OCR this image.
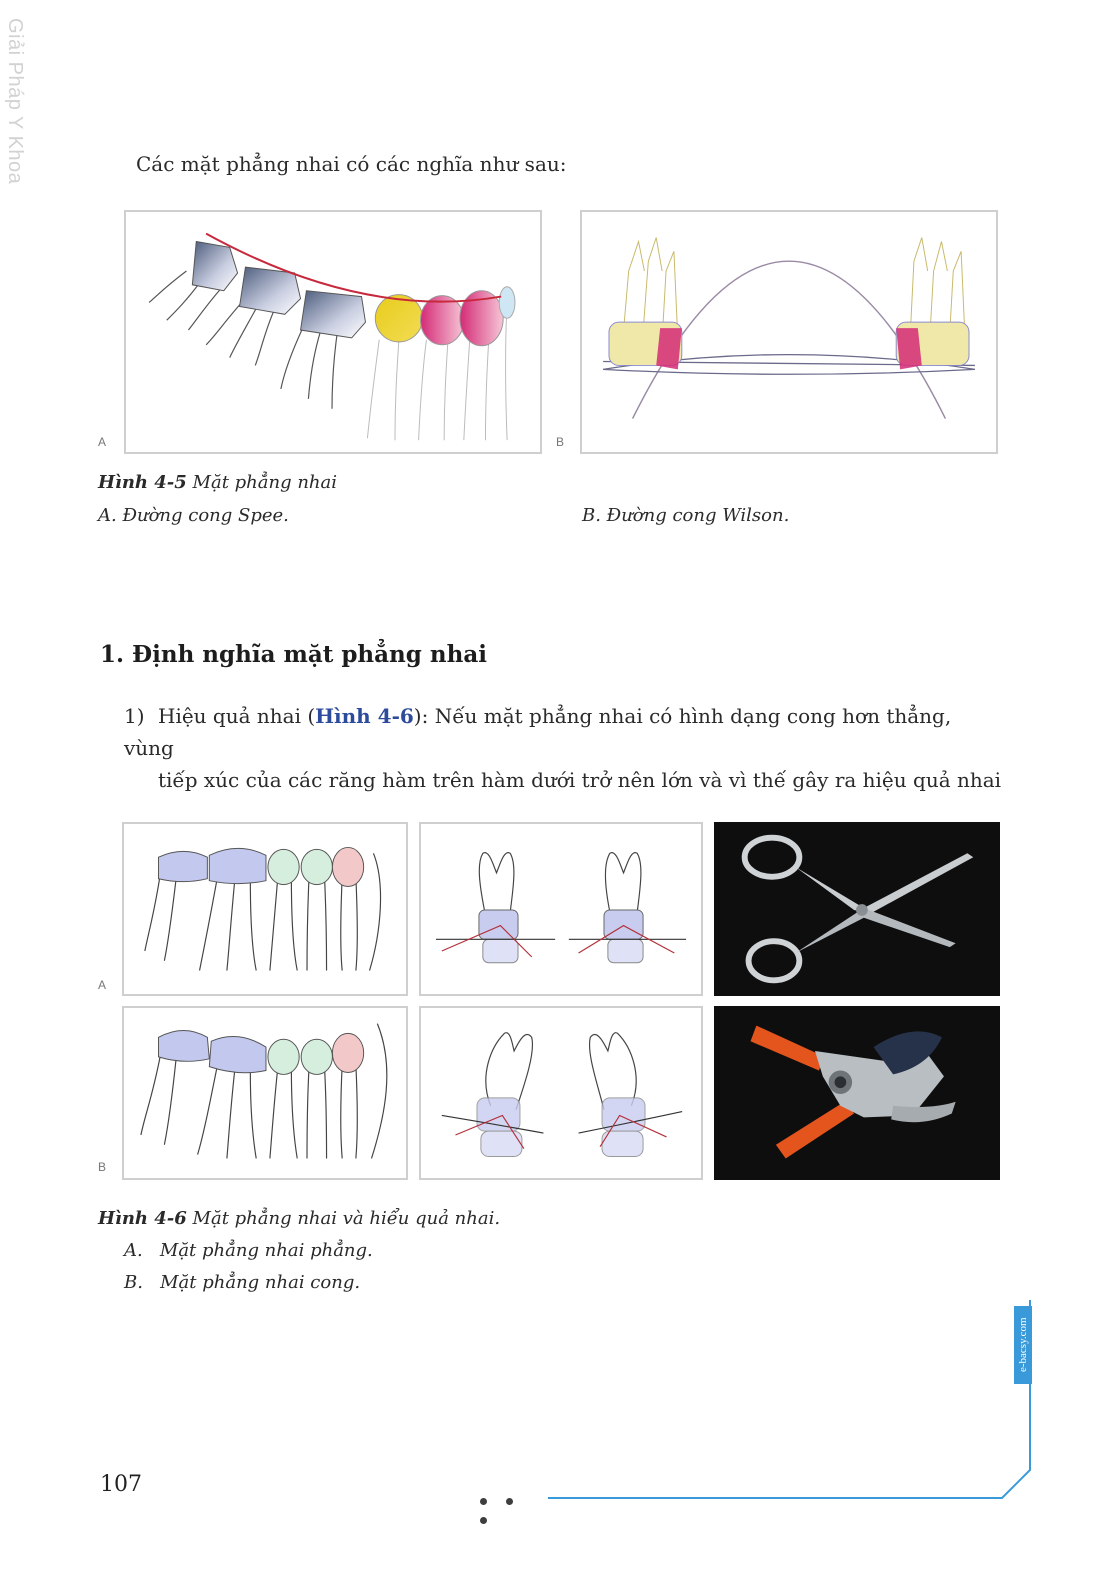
Giải Pháp Y Khoa	Các mặt phẳng nhai có các nghĩa như sau:
A	B
Hình 4-5 Mặt phẳng nhai
A. Đường cong Spee.	B. Đường cong Wilson.
1. Định nghĩa mặt phẳng nhai
1) Hiệu quả nhai (Hình 4-6): Nếu mặt phẳng nhai có hình dạng cong hơn thẳng, vùng
tiếp xúc của các răng hàm trên hàm dưới trở nên lớn và vì thế gây ra hiệu quả nhai
A
B
Hình 4-6 Mặt phẳng nhai và hiểu quả nhai.
A.   Mặt phẳng nhai phẳng.
B.   Mặt phẳng nhai cong.
e-bacsy.com
107
